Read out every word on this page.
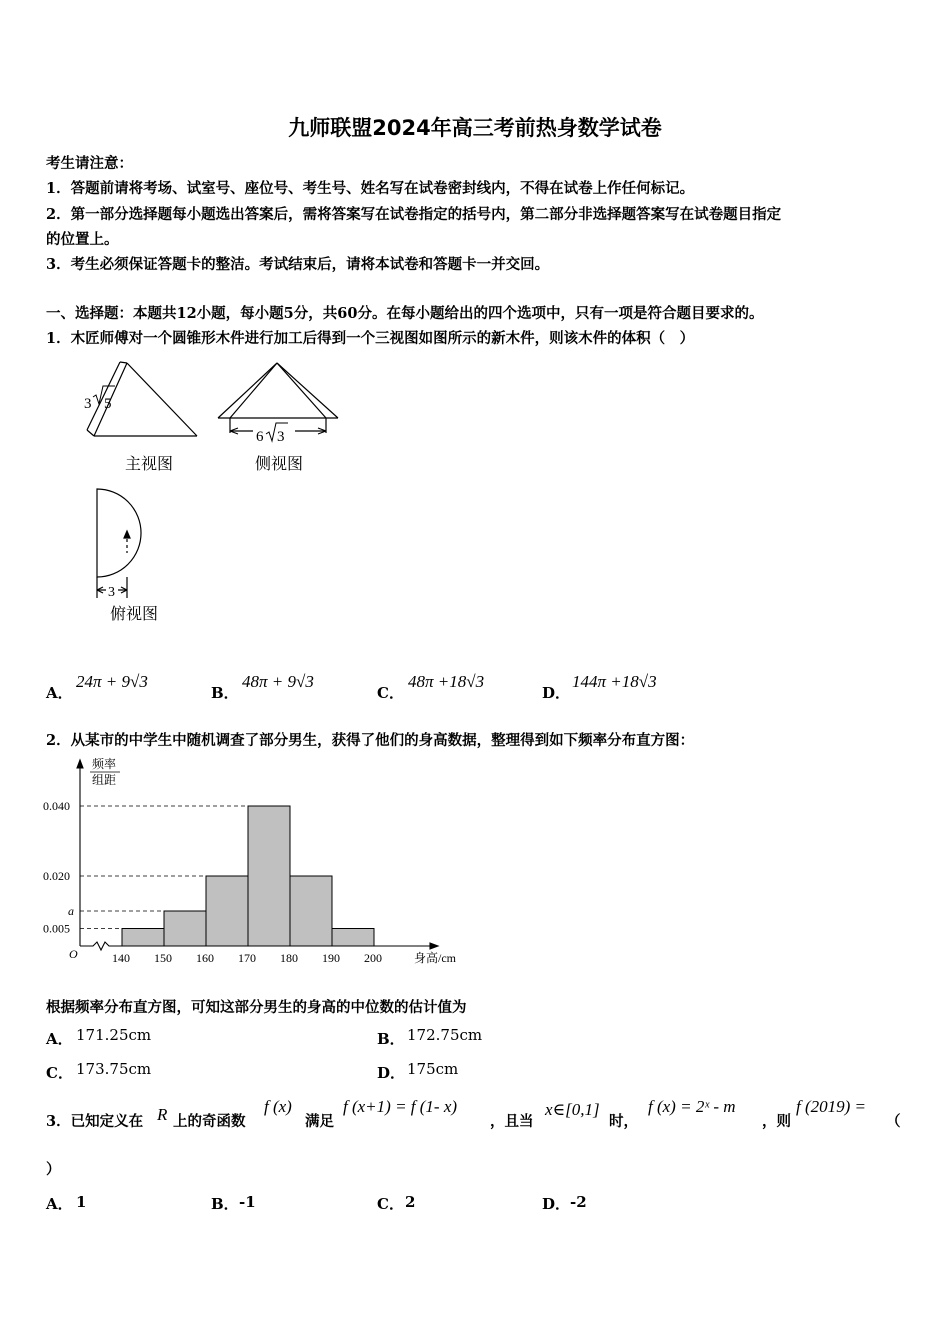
九师联盟2024年高三考前热身数学试卷
考生请注意：
1．答题前请将考场、试室号、座位号、考生号、姓名写在试卷密封线内，不得在试卷上作任何标记。
2．第一部分选择题每小题选出答案后，需将答案写在试卷指定的括号内，第二部分非选择题答案写在试卷题目指定
的位置上。
3．考生必须保证答题卡的整洁。考试结束后，请将本试卷和答题卡一并交回。
一、选择题：本题共12小题，每小题5分，共60分。在每小题给出的四个选项中，只有一项是符合题目要求的。
1．木匠师傅对一个圆锥形木件进行加工后得到一个三视图如图所示的新木件，则该木件的体积（　）
3 5
主视图
6 3
侧视图
3
俯视图
A．
24π + 9√3
B．
48π + 9√3
C．
48π +18√3
D．
144π +18√3
2．从某市的中学生中随机调查了部分男生，获得了他们的身高数据，整理得到如下频率分布直方图：
频率
组距
O	身高/cm
0.040
0.020
a
0.005
140 150 160 170 180 190 200
根据频率分布直方图，可知这部分男生的身高的中位数的估计值为
A． 171.25cm	B． 172.75cm
C． 173.75cm	D． 175cm
3．已知定义在 R 上的奇函数
f (x)
满足
f (x+1) = f (1- x)
，且当
x∈[0,1]
时，
f (x) = 2ˣ - m
，则
f (2019) =
（
）
A． 1	B． -1	C． 2	D． -2
